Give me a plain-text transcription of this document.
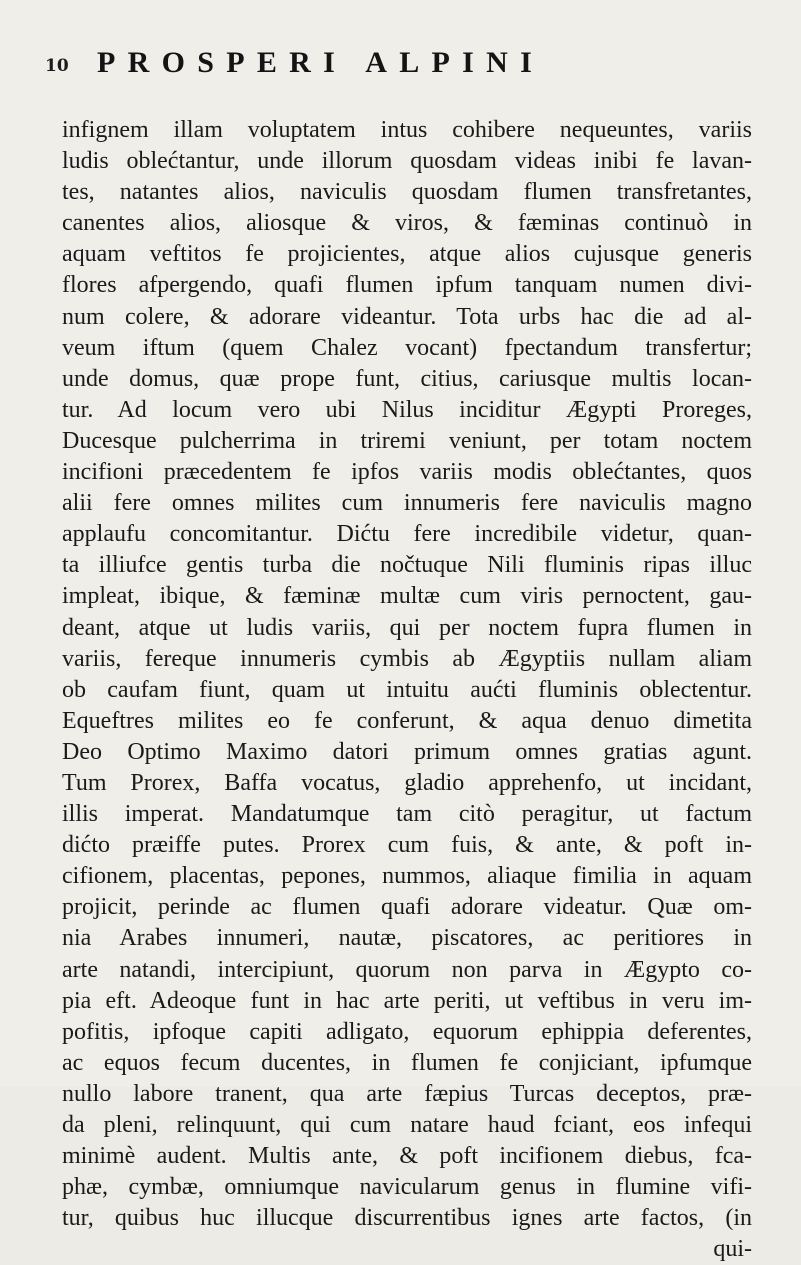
10 PROSPERI ALPINI
infignem illam voluptatem intus cohibere nequeuntes, variis
ludis oblećtantur, unde illorum quosdam videas inibi fe lavan-
tes, natantes alios, naviculis quosdam flumen transfretantes,
canentes alios, aliosque & viros, & fæminas continuò in
aquam veftitos fe projicientes, atque alios cujusque generis
flores afpergendo, quafi flumen ipfum tanquam numen divi-
num colere, & adorare videantur. Tota urbs hac die ad al-
veum iftum (quem Chalez vocant) fpectandum transfertur;
unde domus, quæ prope funt, citius, cariusque multis locan-
tur. Ad locum vero ubi Nilus inciditur Ægypti Proreges,
Ducesque pulcherrima in triremi veniunt, per totam noctem
incifioni præcedentem fe ipfos variis modis oblećtantes, quos
alii fere omnes milites cum innumeris fere naviculis magno
applaufu concomitantur. Dićtu fere incredibile videtur, quan-
ta illiufce gentis turba die nočtuque Nili fluminis ripas illuc
impleat, ibique, & fæminæ multæ cum viris pernoctent, gau-
deant, atque ut ludis variis, qui per noctem fupra flumen in
variis, fereque innumeris cymbis ab Ægyptiis nullam aliam
ob caufam fiunt, quam ut intuitu aućti fluminis oblectentur.
Equeftres milites eo fe conferunt, & aqua denuo dimetita
Deo Optimo Maximo datori primum omnes gratias agunt.
Tum Prorex, Baffa vocatus, gladio apprehenfo, ut incidant,
illis imperat. Mandatumque tam citò peragitur, ut factum
dićto præiffe putes. Prorex cum fuis, & ante, & poft in-
cifionem, placentas, pepones, nummos, aliaque fimilia in aquam
projicit, perinde ac flumen quafi adorare videatur. Quæ om-
nia Arabes innumeri, nautæ, piscatores, ac peritiores in
arte natandi, intercipiunt, quorum non parva in Ægypto co-
pia eft. Adeoque funt in hac arte periti, ut veftibus in veru im-
pofitis, ipfoque capiti adligato, equorum ephippia deferentes,
ac equos fecum ducentes, in flumen fe conjiciant, ipfumque
nullo labore tranent, qua arte fæpius Turcas deceptos, præ-
da pleni, relinquunt, qui cum natare haud fciant, eos infequi
minimè audent. Multis ante, & poft incifionem diebus, fca-
phæ, cymbæ, omniumque navicularum genus in flumine vifi-
tur, quibus huc illucque discurrentibus ignes arte factos, (in
qui-
